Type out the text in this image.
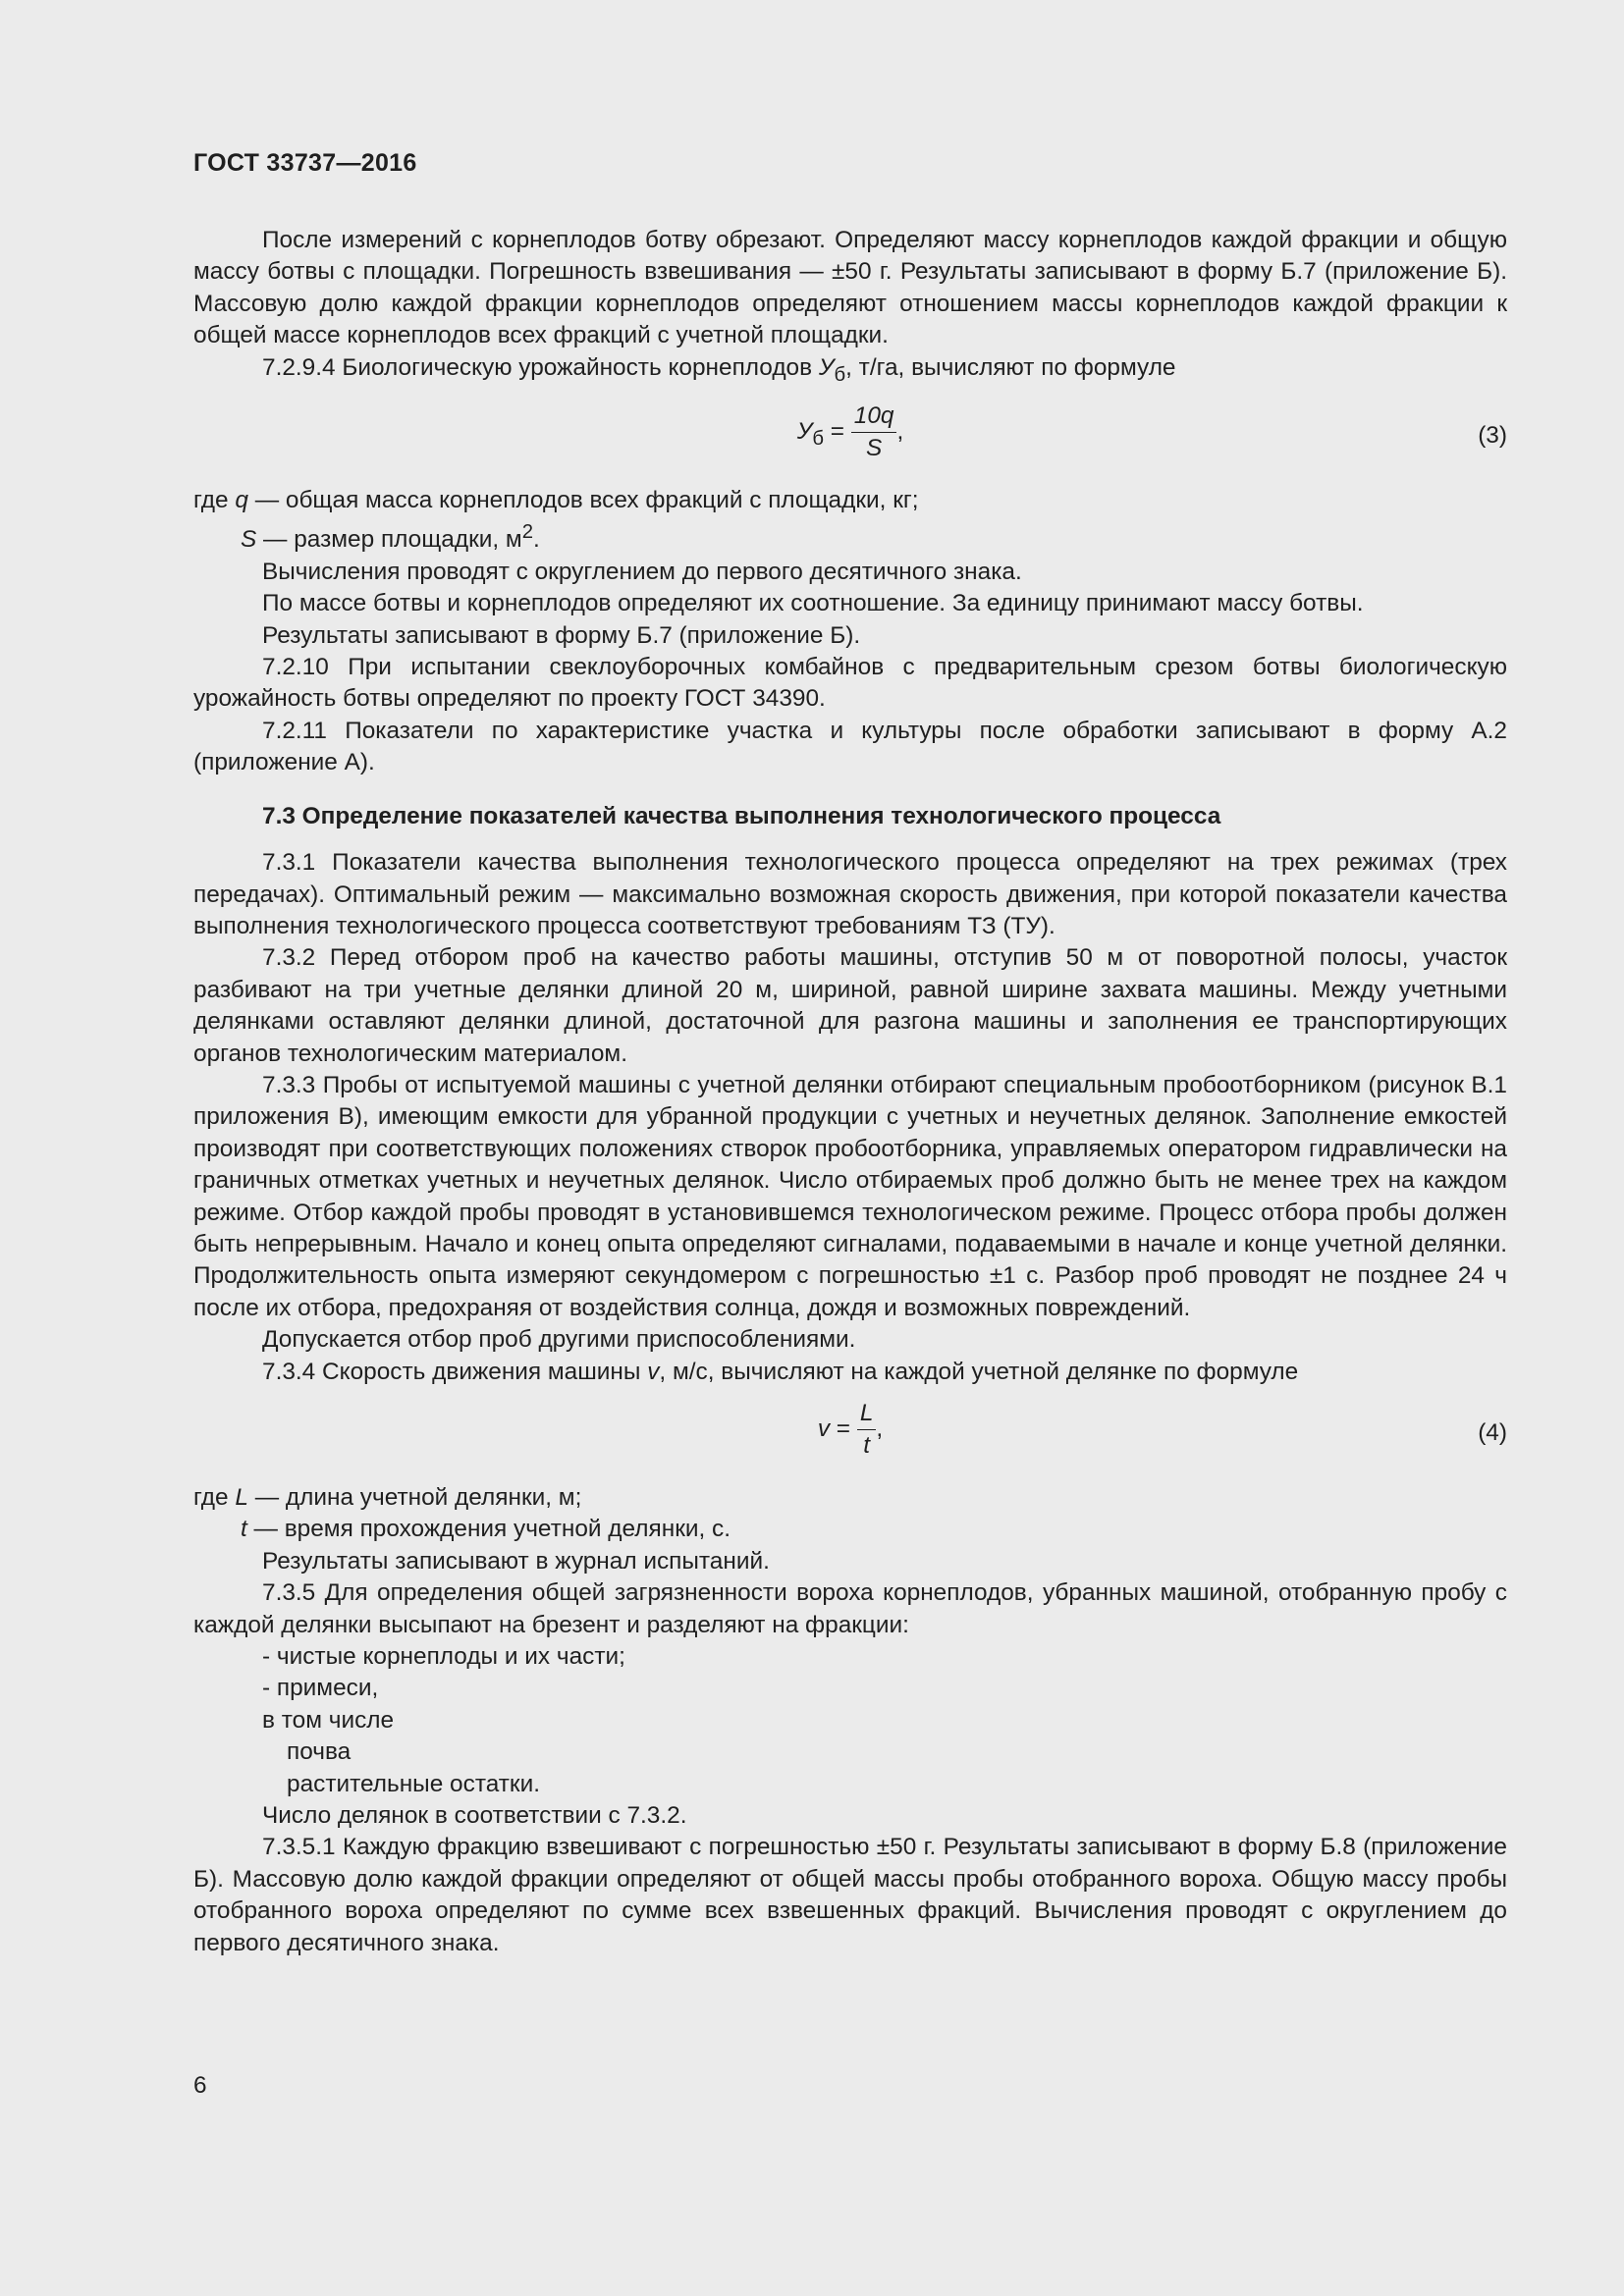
ГОСТ 33737—2016

После измерений с корнеплодов ботву обрезают. Определяют массу корнеплодов каждой фракции и общую массу ботвы с площадки. Погрешность взвешивания — ±50 г. Результаты записывают в форму Б.7 (приложение Б). Массовую долю каждой фракции корнеплодов определяют отношением массы корнеплодов каждой фракции к общей массе корнеплодов всех фракций с учетной площадки.

7.2.9.4 Биологическую урожайность корнеплодов $У_б$, т/га, вычисляют по формуле

$У_б = \frac{10q}{S}$ ,	(3)

где q — общая масса корнеплодов всех фракций с площадки, кг;

S — размер площадки, $м^2$.

Вычисления проводят с округлением до первого десятичного знака.

По массе ботвы и корнеплодов определяют их соотношение. За единицу принимают массу ботвы.

Результаты записывают в форму Б.7 (приложение Б).

7.2.10 При испытании свеклоуборочных комбайнов с предварительным срезом ботвы биологическую урожайность ботвы определяют по проекту ГОСТ 34390.

7.2.11 Показатели по характеристике участка и культуры после обработки записывают в форму А.2 (приложение А).

7.3 Определение показателей качества выполнения технологического процесса

7.3.1 Показатели качества выполнения технологического процесса определяют на трех режимах (трех передачах). Оптимальный режим — максимально возможная скорость движения, при которой показатели качества выполнения технологического процесса соответствуют требованиям ТЗ (ТУ).

7.3.2 Перед отбором проб на качество работы машины, отступив 50 м от поворотной полосы, участок разбивают на три учетные делянки длиной 20 м, шириной, равной ширине захвата машины. Между учетными делянками оставляют делянки длиной, достаточной для разгона машины и заполнения ее транспортирующих органов технологическим материалом.

7.3.3 Пробы от испытуемой машины с учетной делянки отбирают специальным пробоотборником (рисунок В.1 приложения В), имеющим емкости для убранной продукции с учетных и неучетных делянок. Заполнение емкостей производят при соответствующих положениях створок пробоотборника, управляемых оператором гидравлически на граничных отметках учетных и неучетных делянок. Число отбираемых проб должно быть не менее трех на каждом режиме. Отбор каждой пробы проводят в установившемся технологическом режиме. Процесс отбора пробы должен быть непрерывным. Начало и конец опыта определяют сигналами, подаваемыми в начале и конце учетной делянки. Продолжительность опыта измеряют секундомером с погрешностью ±1 с. Разбор проб проводят не позднее 24 ч после их отбора, предохраняя от воздействия солнца, дождя и возможных повреждений.

Допускается отбор проб другими приспособлениями.

7.3.4 Скорость движения машины v, м/с, вычисляют на каждой учетной делянке по формуле

$v = \frac{L}{t}$ ,	(4)

где L — длина учетной делянки, м;

t — время прохождения учетной делянки, с.

Результаты записывают в журнал испытаний.

7.3.5 Для определения общей загрязненности вороха корнеплодов, убранных машиной, отобранную пробу с каждой делянки высыпают на брезент и разделяют на фракции:

- чистые корнеплоды и их части;

- примеси,

в том числе

почва

растительные остатки.

Число делянок в соответствии с 7.3.2.

7.3.5.1 Каждую фракцию взвешивают с погрешностью ±50 г. Результаты записывают в форму Б.8 (приложение Б). Массовую долю каждой фракции определяют от общей массы пробы отобранного вороха. Общую массу пробы отобранного вороха определяют по сумме всех взвешенных фракций. Вычисления проводят с округлением до первого десятичного знака.

6
